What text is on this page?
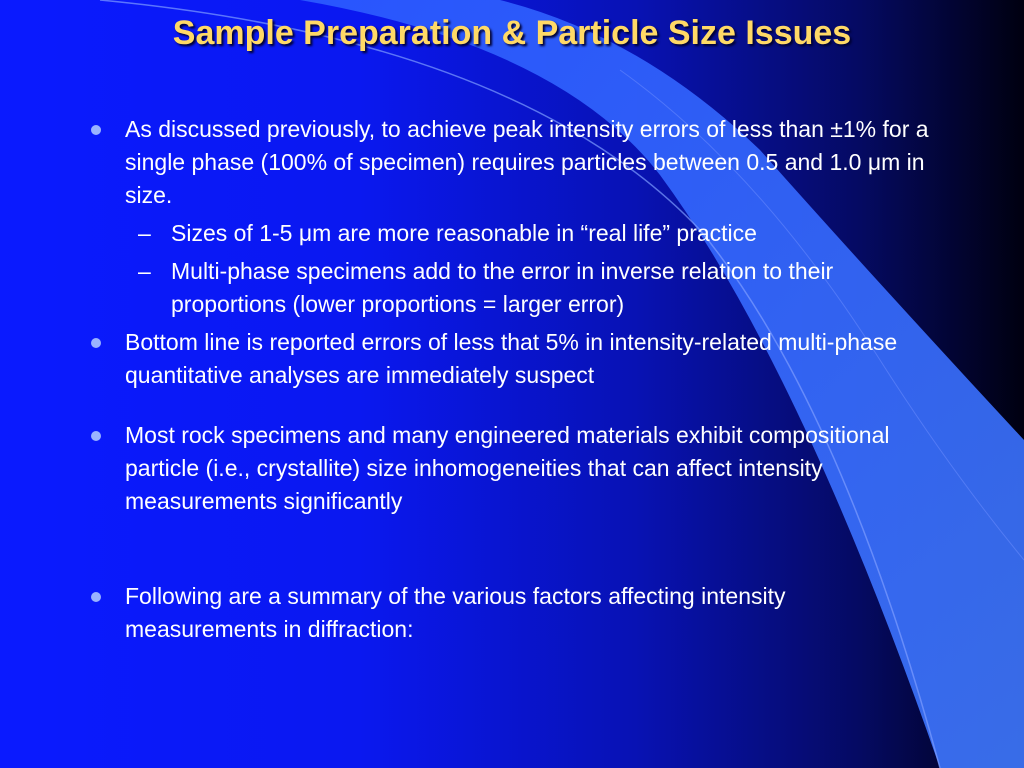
Sample Preparation & Particle Size Issues
As discussed previously, to achieve peak intensity errors of less than ±1% for a single phase (100% of specimen) requires particles between 0.5 and 1.0 μm in size.
– Sizes of 1-5 μm are more reasonable in “real life” practice
– Multi-phase specimens add to the error in inverse relation to their proportions (lower proportions = larger error)
Bottom line is reported errors of less that 5% in intensity-related multi-phase quantitative analyses are immediately suspect
Most rock specimens and many engineered materials exhibit compositional particle (i.e., crystallite) size inhomogeneities that can affect intensity measurements significantly
Following are a summary of the various factors affecting intensity measurements in diffraction:
